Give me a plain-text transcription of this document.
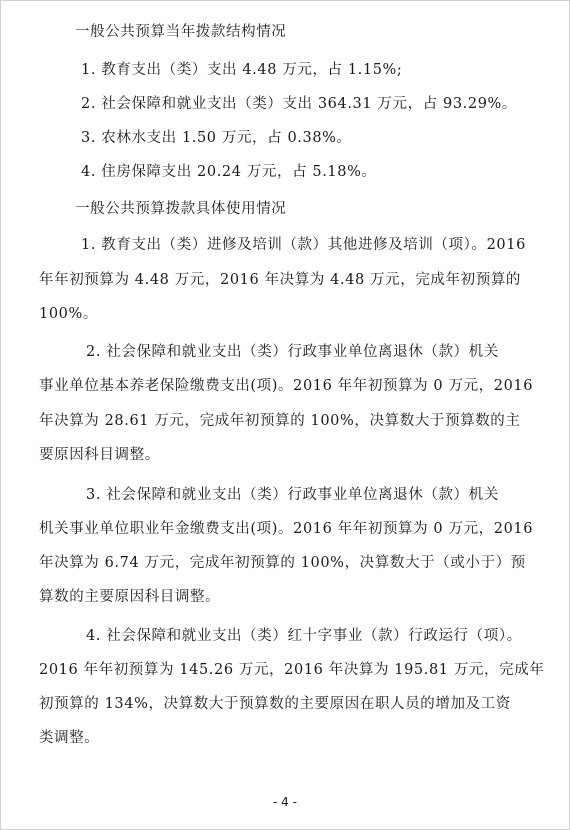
一般公共预算当年拨款结构情况
1. 教育支出（类）支出 4.48 万元，占 1.15%;
2. 社会保障和就业支出（类）支出 364.31 万元，占 93.29%。
3. 农林水支出 1.50 万元，占 0.38%。
4. 住房保障支出 20.24 万元，占 5.18%。
一般公共预算拨款具体使用情况
1. 教育支出（类）进修及培训（款）其他进修及培训（项）。2016
年年初预算为 4.48 万元，2016 年决算为 4.48 万元，完成年初预算的
100%。
2. 社会保障和就业支出（类）行政事业单位离退休（款）机关
事业单位基本养老保险缴费支出(项)。2016 年年初预算为 0 万元，2016
年决算为 28.61 万元，完成年初预算的 100%，决算数大于预算数的主
要原因科目调整。
3. 社会保障和就业支出（类）行政事业单位离退休（款）机关
机关事业单位职业年金缴费支出(项)。2016 年年初预算为 0 万元，2016
年决算为 6.74 万元，完成年初预算的 100%，决算数大于（或小于）预
算数的主要原因科目调整。
4. 社会保障和就业支出（类）红十字事业（款）行政运行（项）。
2016 年年初预算为 145.26 万元，2016 年决算为 195.81 万元，完成年
初预算的 134%，决算数大于预算数的主要原因在职人员的增加及工资
类调整。
- 4 -
